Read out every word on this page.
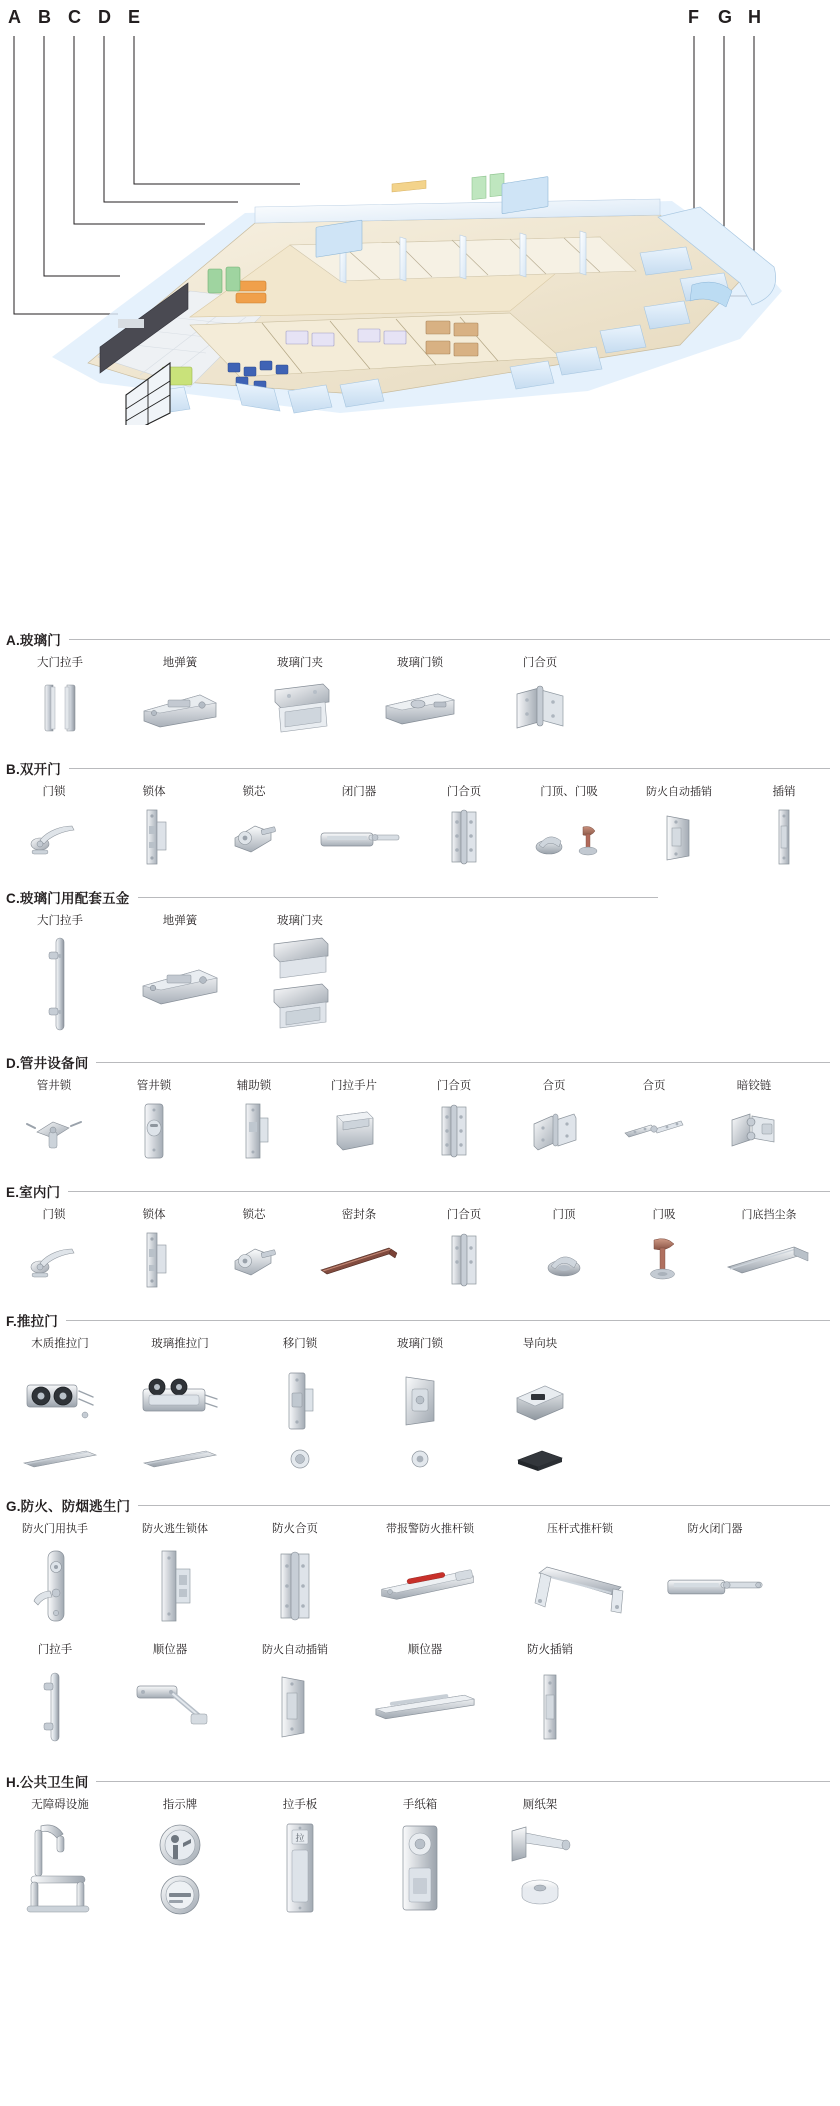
A B C D E	F G H
A.玻璃门
大门拉手	地弹簧	玻璃门夹	玻璃门锁	门合页
B.双开门
门锁	锁体	锁芯	闭门器	门合页	门顶、门吸	防火自动插销	插销
C.玻璃门用配套五金
大门拉手	地弹簧	玻璃门夹
D.管井设备间
管井锁	管井锁	辅助锁	门拉手片	门合页	合页	合页	暗铰链
E.室内门
门锁	锁体	锁芯	密封条	门合页	门顶	门吸	门底挡尘条
F.推拉门
木质推拉门	玻璃推拉门	移门锁	玻璃门锁	导向块
G.防火、防烟逃生门
防火门用执手	防火逃生锁体	防火合页	带报警防火推杆锁	压杆式推杆锁	防火闭门器
门拉手	顺位器	防火自动插销	顺位器	防火插销
H.公共卫生间
无障碍设施	指示牌	拉手板
拉
手纸箱	厕纸架
